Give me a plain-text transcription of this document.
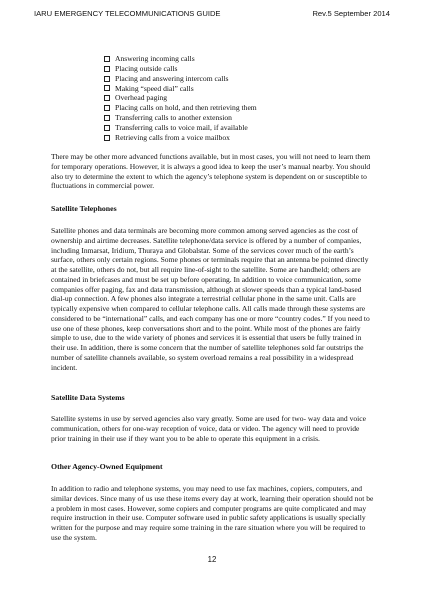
IARU EMERGENCY TELECOMMUNICATIONS GUIDE	Rev.5 September 2014
Answering incoming calls
Placing outside calls
Placing and answering intercom calls
Making “speed dial” calls
Overhead paging
Placing calls on hold, and then retrieving them
Transferring calls to another extension
Transferring calls to voice mail, if available
Retrieving calls from a voice mailbox

There may be other more advanced functions available, but in most cases, you will not need to learn them for temporary operations. However, it is always a good idea to keep the user’s manual nearby. You should also try to determine the extent to which the agency’s telephone system is dependent on or susceptible to fluctuations in commercial power.

Satellite Telephones

Satellite phones and data terminals are becoming more common among served agencies as the cost of ownership and airtime decreases. Satellite telephone/data service is offered by a number of companies, including Inmarsat, Iridium, Thuraya and Globalstar. Some of the services cover much of the earth’s surface, others only certain regions. Some phones or terminals require that an antenna be pointed directly at the satellite, others do not, but all require line-of-sight to the satellite. Some are handheld; others are contained in briefcases and must be set up before operating. In addition to voice communication, some companies offer paging, fax and data transmission, although at slower speeds than a typical land-based dial-up connection. A few phones also integrate a terrestrial cellular phone in the same unit. Calls are typically expensive when compared to cellular telephone calls. All calls made through these systems are considered to be “international” calls, and each company has one or more “country codes.” If you need to use one of these phones, keep conversations short and to the point. While most of the phones are fairly simple to use, due to the wide variety of phones and services it is essential that users be fully trained in their use. In addition, there is some concern that the number of satellite telephones sold far outstrips the number of satellite channels available, so system overload remains a real possibility in a widespread incident.

Satellite Data Systems

Satellite systems in use by served agencies also vary greatly. Some are used for two- way data and voice communication, others for one-way reception of voice, data or video. The agency will need to provide prior training in their use if they want you to be able to operate this equipment in a crisis.

Other Agency-Owned Equipment

In addition to radio and telephone systems, you may need to use fax machines, copiers, computers, and similar devices. Since many of us use these items every day at work, learning their operation should not be a problem in most cases. However, some copiers and computer programs are quite complicated and may require instruction in their use. Computer software used in public safety applications is usually specially written for the purpose and may require some training in the rare situation where you will be required to use the system.

12
